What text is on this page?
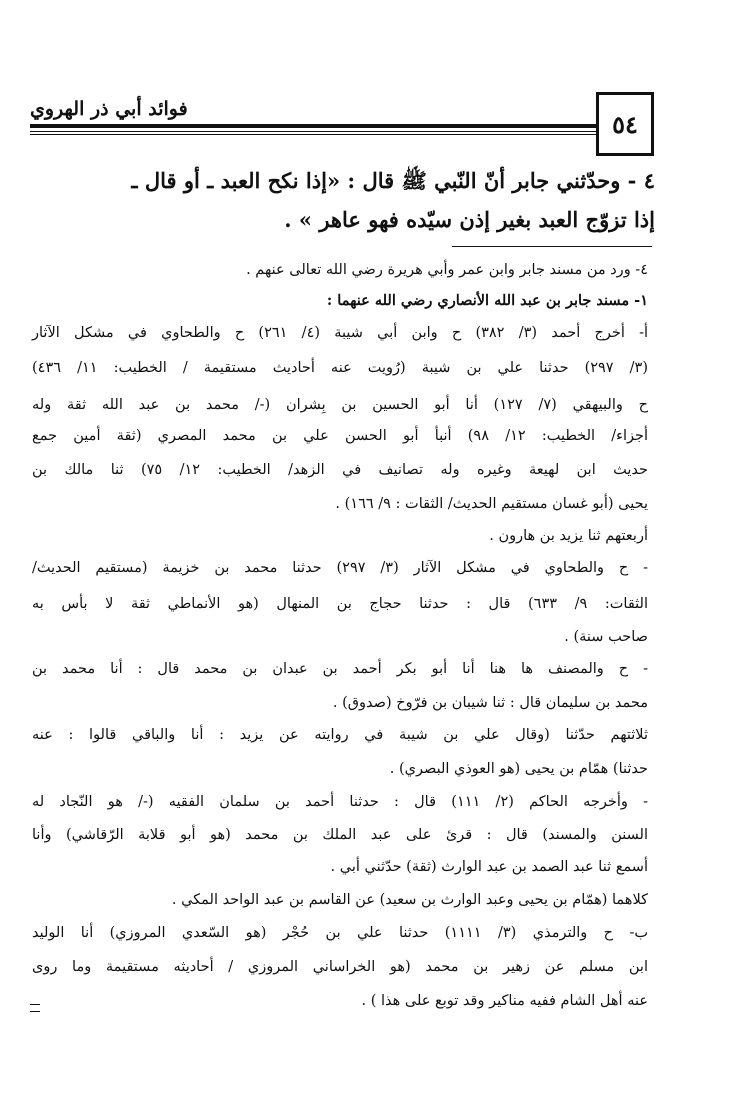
فوائد أبي ذر الهروي
٥٤
٤ - وحدّثني جابر أنّ النّبي ﷺ قال : «إذا نكح العبد ـ أو قال ـ
إذا تزوّج العبد بغير إذن سيّده فهو عاهر » .
٤- ورد من مسند جابر وابن عمر وأبي هريرة رضي الله تعالى عنهم .
١- مسند جابر بن عبد الله الأنصاري رضي الله عنهما :
أ- أخرج أحمد (٣/ ٣٨٢) ح وابن أبي شيبة (٤/ ٢٦١) ح والطحاوي في مشكل الآثار
(٣/ ٢٩٧) حدثنا علي بن شيبة (رُويت عنه أحاديث مستقيمة / الخطيب: ١١/ ٤٣٦)
ح والبيهقي (٧/ ١٢٧) أنا أبو الحسين بن بِشران (-/ محمد بن عبد الله ثقة وله
أجزاء/ الخطيب: ١٢/ ٩٨) أنبأ أبو الحسن علي بن محمد المصري (ثقة أمين جمع
حديث ابن لهيعة وغيره وله تصانيف في الزهد/ الخطيب: ١٢/ ٧٥) ثنا مالك بن
يحيى (أبو غسان مستقيم الحديث/ الثقات : ٩/ ١٦٦) .
أربعتهم ثنا يزيد بن هارون .
- ح والطحاوي في مشكل الآثار (٣/ ٢٩٧) حدثنا محمد بن خزيمة (مستقيم الحديث/
الثقات: ٩/ ٦٣٣) قال : حدثنا حجاج بن المنهال (هو الأنماطي ثقة لا بأس به
صاحب سنة) .
- ح والمصنف ها هنا أنا أبو بكر أحمد بن عبدان بن محمد قال : أنا محمد بن
محمد بن سليمان قال : ثنا شيبان بن فرّوخ (صدوق) .
ثلاثتهم حدّثنا (وقال علي بن شيبة في روايته عن يزيد : أنا والباقي قالوا : عنه
حدثنا) همّام بن يحيى (هو العوذي البصري) .
- وأخرجه الحاكم (٢/ ١١١) قال : حدثنا أحمد بن سلمان الفقيه (-/ هو النّجاد له
السنن والمسند) قال : قرئ على عبد الملك بن محمد (هو أبو قلابة الرّقاشي) وأنا
أسمع ثنا عبد الصمد بن عبد الوارث (ثقة) حدّثني أبي .
كلاهما (همّام بن يحيى وعبد الوارث بن سعيد) عن القاسم بن عبد الواحد المكي .
ب- ح والترمذي (٣/ ١١١١) حدثنا علي بن حُجْر (هو السّعدي المروزي) أنا الوليد
ابن مسلم عن زهير بن محمد (هو الخراساني المروزي / أحاديثه مستقيمة وما روى
عنه أهل الشام ففيه مناكير وقد توبع على هذا ) .
